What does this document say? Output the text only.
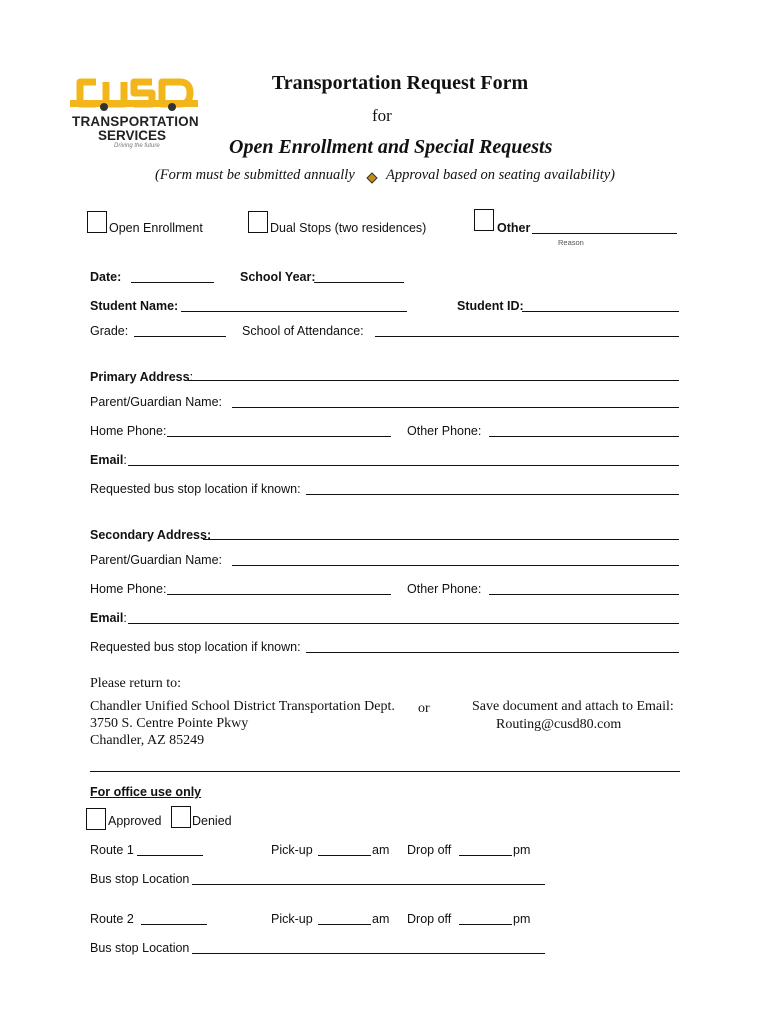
TRANSPORTATION
SERVICES
Driving the future
Transportation Request Form
for
Open Enrollment and Special Requests
(Form must be submitted annually Approval based on seating availability)
Open Enrollment	Dual Stops (two residences)	Other
Reason
Date:	School Year:
Student Name:	Student ID:
Grade:	School of Attendance:
Primary Address:
Parent/Guardian Name:
Home Phone:	Other Phone:
Email:
Requested bus stop location if known:
Secondary Address:
Parent/Guardian Name:
Home Phone:	Other Phone:
Email:
Requested bus stop location if known:
Please return to:
Chandler Unified School District Transportation Dept.
3750 S. Centre Pointe Pkwy
Chandler, AZ 85249
or	Save document and attach to Email:
Routing@cusd80.com
For office use only
Approved Denied
Route 1	Pick-up	am Drop off	pm
Bus stop Location
Route 2	Pick-up	am Drop off	pm
Bus stop Location
